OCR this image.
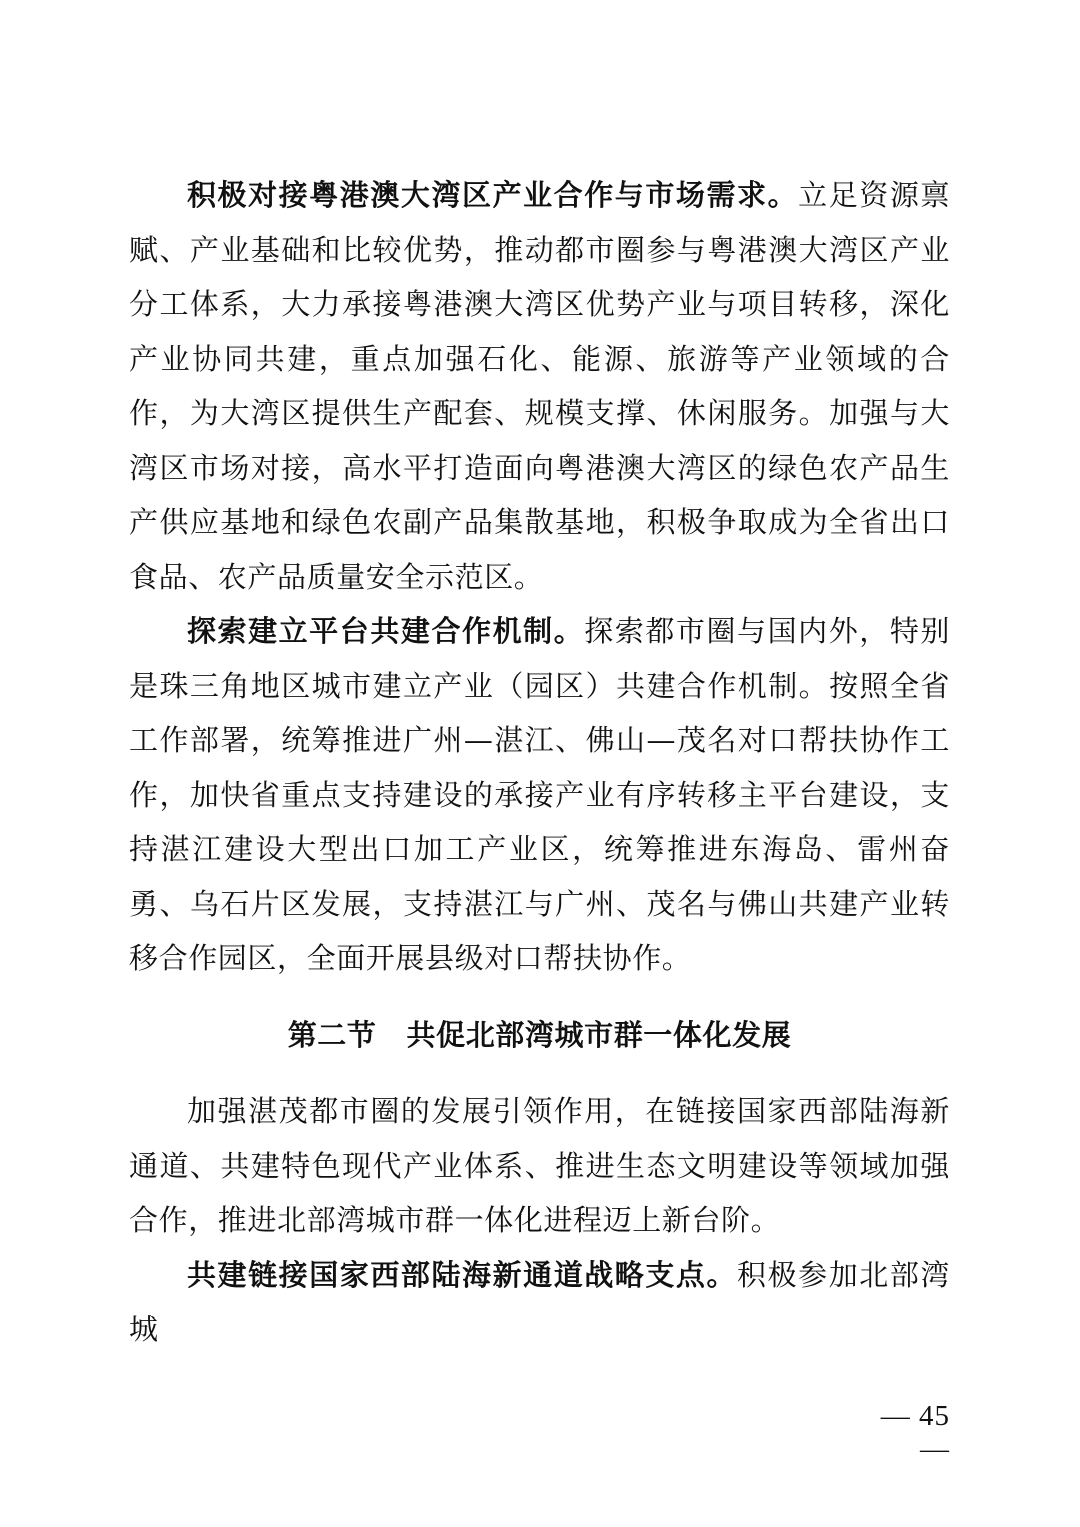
积极对接粤港澳大湾区产业合作与市场需求。立足资源禀赋、产业基础和比较优势，推动都市圈参与粤港澳大湾区产业分工体系，大力承接粤港澳大湾区优势产业与项目转移，深化产业协同共建，重点加强石化、能源、旅游等产业领域的合作，为大湾区提供生产配套、规模支撑、休闲服务。加强与大湾区市场对接，高水平打造面向粤港澳大湾区的绿色农产品生产供应基地和绿色农副产品集散基地，积极争取成为全省出口食品、农产品质量安全示范区。

探索建立平台共建合作机制。探索都市圈与国内外，特别是珠三角地区城市建立产业（园区）共建合作机制。按照全省工作部署，统筹推进广州—湛江、佛山—茂名对口帮扶协作工作，加快省重点支持建设的承接产业有序转移主平台建设，支持湛江建设大型出口加工产业区，统筹推进东海岛、雷州奋勇、乌石片区发展，支持湛江与广州、茂名与佛山共建产业转移合作园区，全面开展县级对口帮扶协作。

第二节 共促北部湾城市群一体化发展

加强湛茂都市圈的发展引领作用，在链接国家西部陆海新通道、共建特色现代产业体系、推进生态文明建设等领域加强合作，推进北部湾城市群一体化进程迈上新台阶。

共建链接国家西部陆海新通道战略支点。积极参加北部湾城

— 45 —
